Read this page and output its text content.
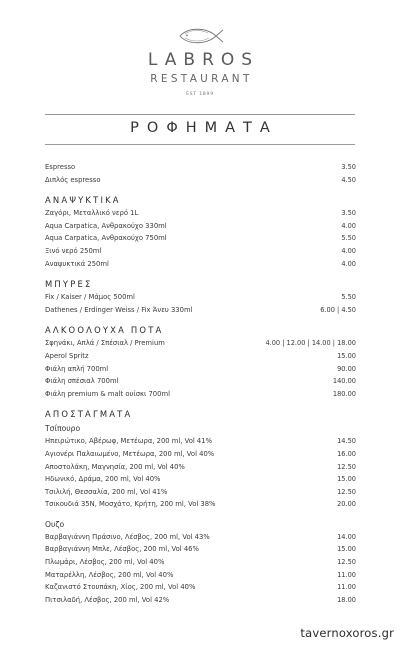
LABROS
RESTAURANT
EST 1899
ΡΟΦΗΜΑΤΑ
Espresso	3.50
Διπλός espresso	4.50
ΑΝΑΨΥΚΤΙΚΑ
Ζαγόρι, Μεταλλικό νερό 1L	3.50
Aqua Carpatica, Ανθρακούχο 330ml	4.00
Aqua Carpatica, Ανθρακούχο 750ml	5.50
Ξινό νερό 250ml	4.00
Αναψυκτικά 250ml	4.00
ΜΠΥΡΕΣ
Fix / Kaiser / Μάμος 500ml	5.50
Dathenes / Erdinger Weiss / Fix Άνευ 330ml	6.00 | 4.50
ΑΛΚΟΟΛΟΥΧΑ ΠΟΤΑ
Σφηνάκι, Απλά / Σπέσιαλ / Premium	4.00 | 12.00 | 14.00 | 18.00
Aperol Spritz	15.00
Φιάλη απλή 700ml	90.00
Φιάλη σπέσιαλ 700ml	140.00
Φιάλη premium & malt ουίσκι 700ml	180.00
ΑΠΟΣΤΑΓΜΑΤΑ
Τσίπουρο
Ηπειρώτικο, Αβέρωφ, Μετέωρα, 200 ml, Vol 41%	14.50
Αγιονέρι Παλαιωμένο, Μετέωρα, 200 ml, Vol 40%	16.00
Αποστολάκη, Μαγνησία, 200 ml, Vol 40%	12.50
Ηδωνικό, Δράμα, 200 ml, Vol 40%	15.00
Τσιλιλή, Θεσσαλία, 200 ml, Vol 41%	12.50
Τσικουδιά 35Ν, Μοσχάτο, Κρήτη, 200 ml, Vol 38%	20.00
Ουζο
Βαρβαγιάννη Πράσινο, Λέσβος, 200 ml, Vol 43%	14.00
Βαρβαγιάννη Μπλε, Λέσβος, 200 ml, Vol 46%	15.00
Πλωμάρι, Λέσβος, 200 ml, Vol 40%	12.50
Ματαρέλλη, Λέσβος, 200 ml, Vol 40%	11.00
Καζανιστό Στουπάκη, Χίος, 200 ml, Vol 40%	11.00
Πιτσιλαδή, Λέσβος, 200 ml, Vol 42%	18.00
tavernoxoros.gr
